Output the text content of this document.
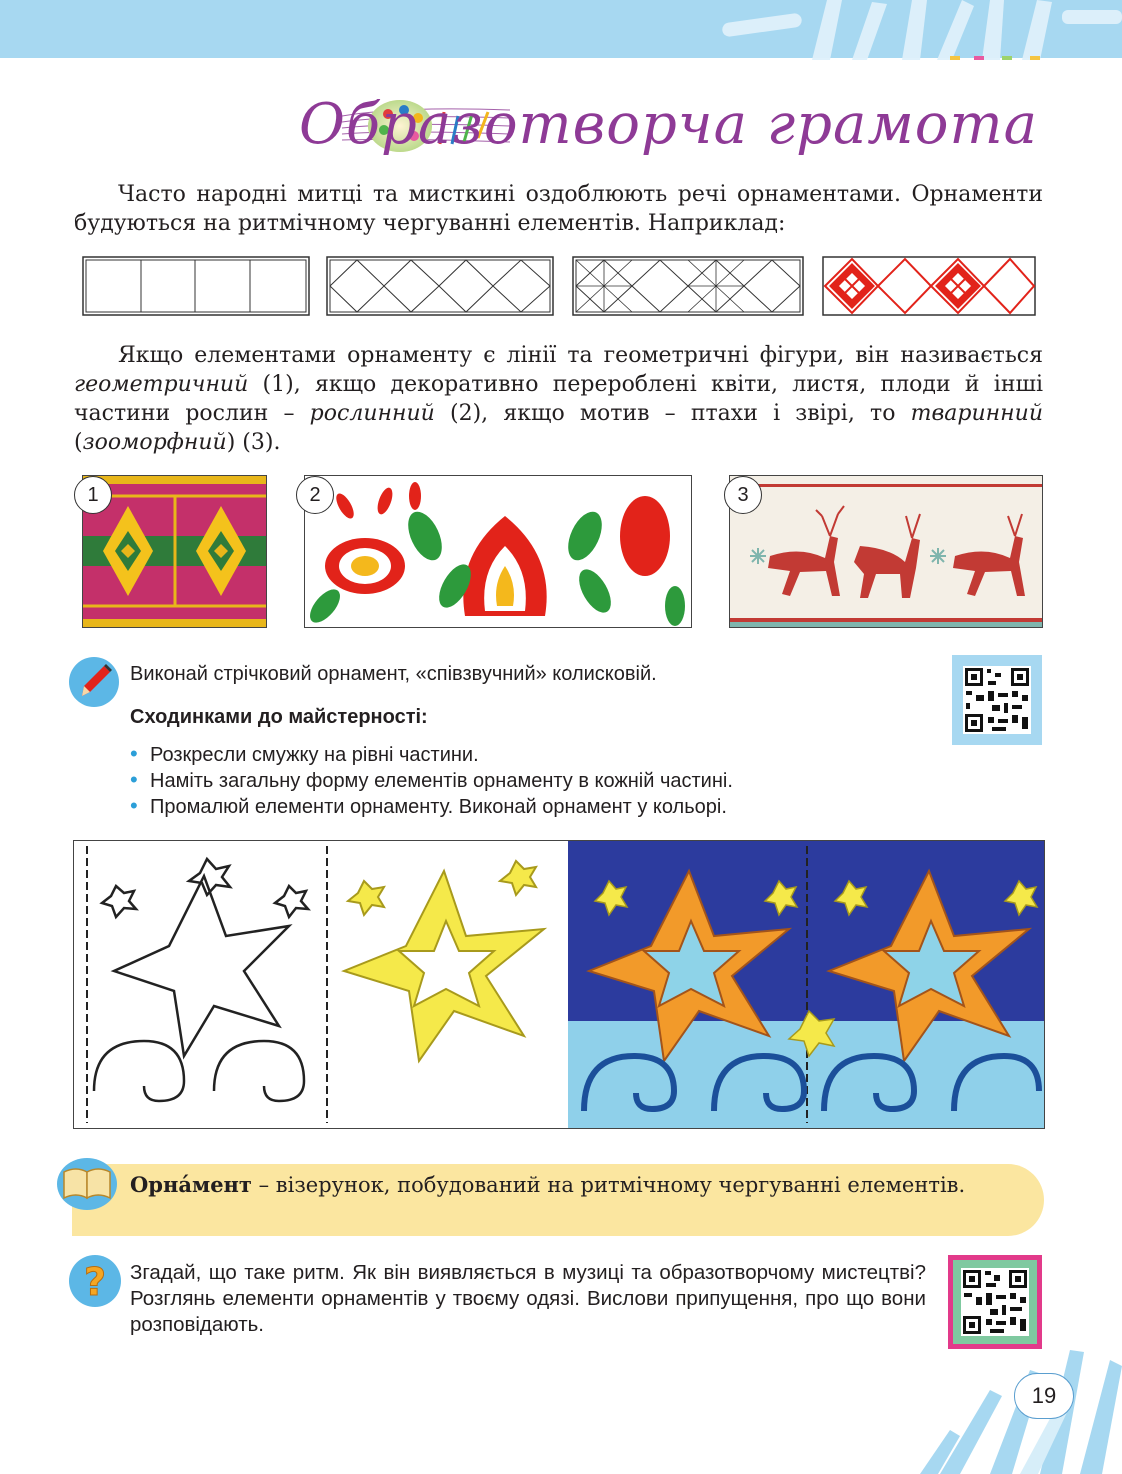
Образотворча грамота

Часто народні митці та мисткині оздоблюють речі орнаментами. Орнаменти будуються на ритмічному чергуванні елементів. Наприклад:

Якщо елементами орнаменту є лінії та геометричні фігури, він називається геометричний (1), якщо декоративно перероблені квіти, листя, плоди й інші частини рослин – рослинний (2), якщо мотив – птахи і звірі, то тваринний (зооморфний) (3).

1	2	3
Виконай стрічковий орнамент, «співзвучний» колисковій.
Сходинками до майстерності:
• Розкресли смужку на рівні частини.
• Наміть загальну форму елементів орнаменту в кожній частині.
• Промалюй елементи орнаменту. Виконай орнамент у кольорі.
Орна́мент – візерунок, побудований на ритмічному чергуванні елементів.
? Згадай, що таке ритм. Як він виявляється в музиці та образотворчому мистецтві? Розглянь елементи орнаментів у твоєму одязі. Вислови припущення, про що вони розповідають.
19
